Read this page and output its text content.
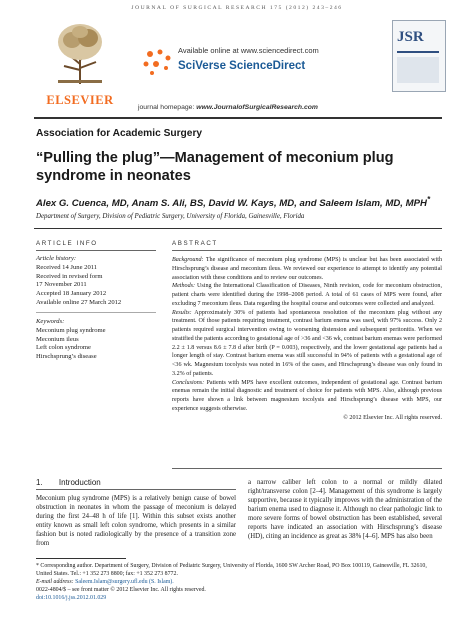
JOURNAL OF SURGICAL RESEARCH 175 (2012) 243–246
ELSEVIER
Available online at www.sciencedirect.com
SciVerse ScienceDirect
journal homepage: www.JournalofSurgicalResearch.com
JSR
Association for Academic Surgery
“Pulling the plug”—Management of meconium plug syndrome in neonates
Alex G. Cuenca, MD, Anam S. Ali, BS, David W. Kays, MD, and Saleem Islam, MD, MPH*
Department of Surgery, Division of Pediatric Surgery, University of Florida, Gainesville, Florida
ARTICLE INFO
Article history:
Received 14 June 2011
Received in revised form
17 November 2011
Accepted 18 January 2012
Available online 27 March 2012
Keywords:
Meconium plug syndrome
Meconium ileus
Left colon syndrome
Hirschsprung’s disease
ABSTRACT

Background: The significance of meconium plug syndrome (MPS) is unclear but has been associated with Hirschsprung’s disease and meconium ileus. We reviewed our experience to attempt to identify any potential association with these conditions and to review our outcomes.

Methods: Using the International Classification of Diseases, Ninth revision, code for meconium obstruction, patient charts were identified during the 1998–2008 period. A total of 61 cases of MPS were found, after excluding 7 meconium ileus. Data regarding the hospital course and outcomes were collected and analyzed.

Results: Approximately 30% of patients had spontaneous resolution of the meconium plug without any treatment. Of those patients requiring treatment, contrast barium enema was used, with 97% success. Only 2 patients required surgical intervention owing to worsening distension and subsequent peritonitis. When we stratified the patients according to gestational age of >36 and <36 wk, contrast barium enemas were performed 2.2 ± 1.8 versus 8.6 ± 7.8 d after birth (P = 0.003), respectively, and the lower gestational age patients had a longer length of stay. Contrast barium enema was still successful in 94% of patients with a gestational age of <36 wk. Magnesium tocolysis was noted in 16% of the cases, and Hirschsprung’s disease was only found in 3.2% of patients.

Conclusions: Patients with MPS have excellent outcomes, independent of gestational age. Contrast barium enemas remain the initial diagnostic and treatment of choice for patients with MPS. Also, although previous reports have shown a link between magnesium tocolysis and Hirschsprung’s disease with MPS, our experience suggests otherwise.

© 2012 Elsevier Inc. All rights reserved.

1. Introduction
Meconium plug syndrome (MPS) is a relatively benign cause of bowel obstruction in neonates in whom the passage of meconium is delayed during the first 24–48 h of life [1]. Within this subset exists another entity known as small left colon syndrome, which presents in a similar fashion but is noted radiologically by the presence of a transition zone from
a narrow caliber left colon to a normal or mildly dilated right/transverse colon [2–4]. Management of this syndrome is largely supportive, because it typically improves with the administration of the barium enema used to diagnose it. Although no clear pathologic link to more severe forms of bowel obstruction has been established, several reports have indicated an association with Hirschsprung’s disease (HD), citing an incidence as great as 38% [4–6]. MPS has also been
* Corresponding author. Department of Surgery, Division of Pediatric Surgery, University of Florida, 1600 SW Archer Road, PO Box 100119, Gainesville, FL 32610, United States. Tel.: +1 352 273 8800; fax: +1 352 273 8772.
E-mail address: Saleem.Islam@surgery.ufl.edu (S. Islam).
0022-4804/$ – see front matter © 2012 Elsevier Inc. All rights reserved.
doi:10.1016/j.jss.2012.01.029
